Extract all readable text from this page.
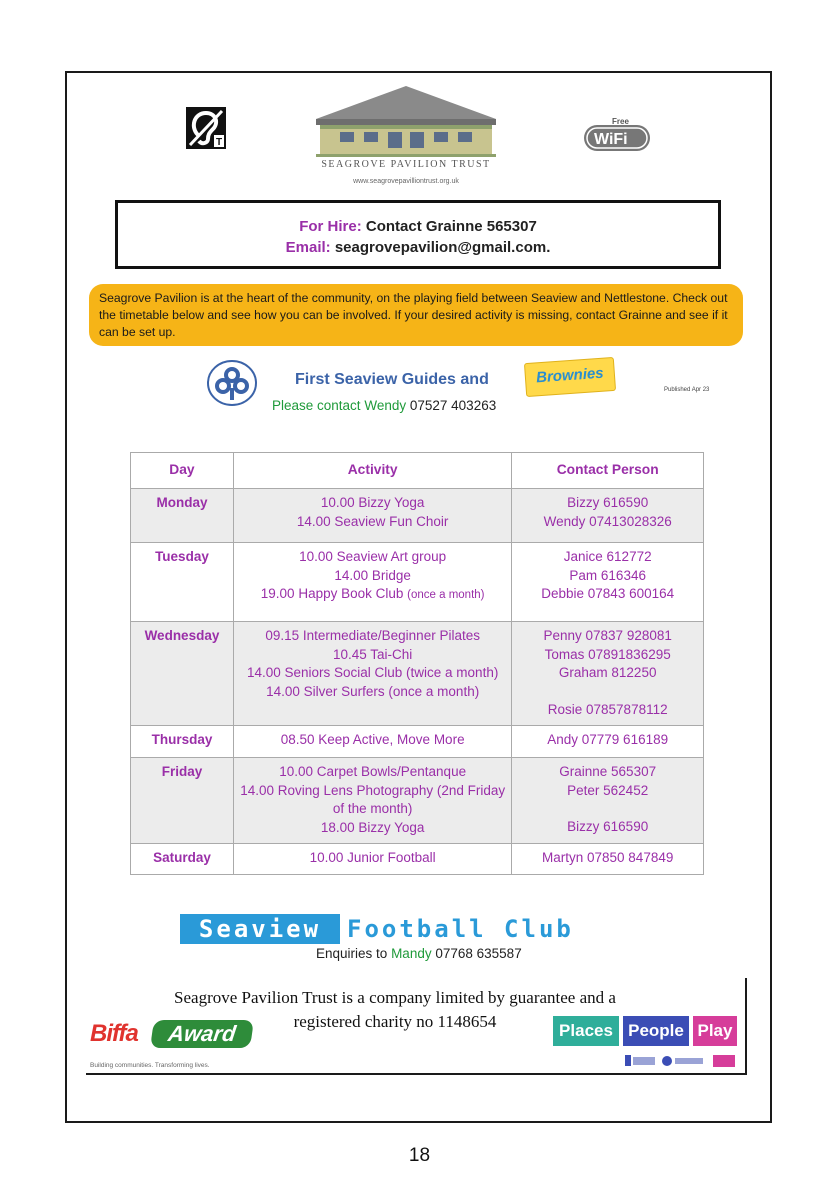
T
SEAGROVE PAVILION TRUST
www.seagrovepavilliontrust.org.uk
WiFi
Free
For Hire: Contact Grainne 565307
Email: seagrovepavilion@gmail.com.
Seagrove Pavilion is at the heart of the community, on the playing field between Seaview and Nettlestone. Check out the timetable below and see how you can be involved. If your desired activity is missing, contact Grainne and see if it can be set up.
First Seaview Guides and
Please contact Wendy 07527 403263
Brownies
Published Apr 23
Day	Activity	Contact Person
Monday	10.00 Bizzy Yoga
14.00 Seaview Fun Choir	Bizzy 616590
Wendy 07413028326

Tuesday	10.00 Seaview Art group
14.00 Bridge
19.00 Happy Book Club (once a month)	Janice 612772
Pam 616346
Debbie 07843 600164

Wednesday	09.15 Intermediate/Beginner Pilates
10.45 Tai-Chi
14.00 Seniors Social Club (twice a month)
14.00 Silver Surfers (once a month)	Penny 07837 928081
Tomas 07891836295
Graham 812250
Rosie 07857878112

Thursday	08.50 Keep Active, Move More	Andy 07779 616189

Friday	10.00 Carpet Bowls/Pentanque
14.00 Roving Lens Photography (2nd Friday of the month)
18.00 Bizzy Yoga	Grainne 565307
Peter 562452
Bizzy 616590

Saturday	10.00 Junior Football	Martyn 07850 847849
Seaview	Football Club
Enquiries to Mandy 07768 635587
Seagrove Pavilion Trust is a company limited by guarantee and a
registered charity no 1148654
Biffa	Award
Building communities. Transforming lives.
Places People Play
18
